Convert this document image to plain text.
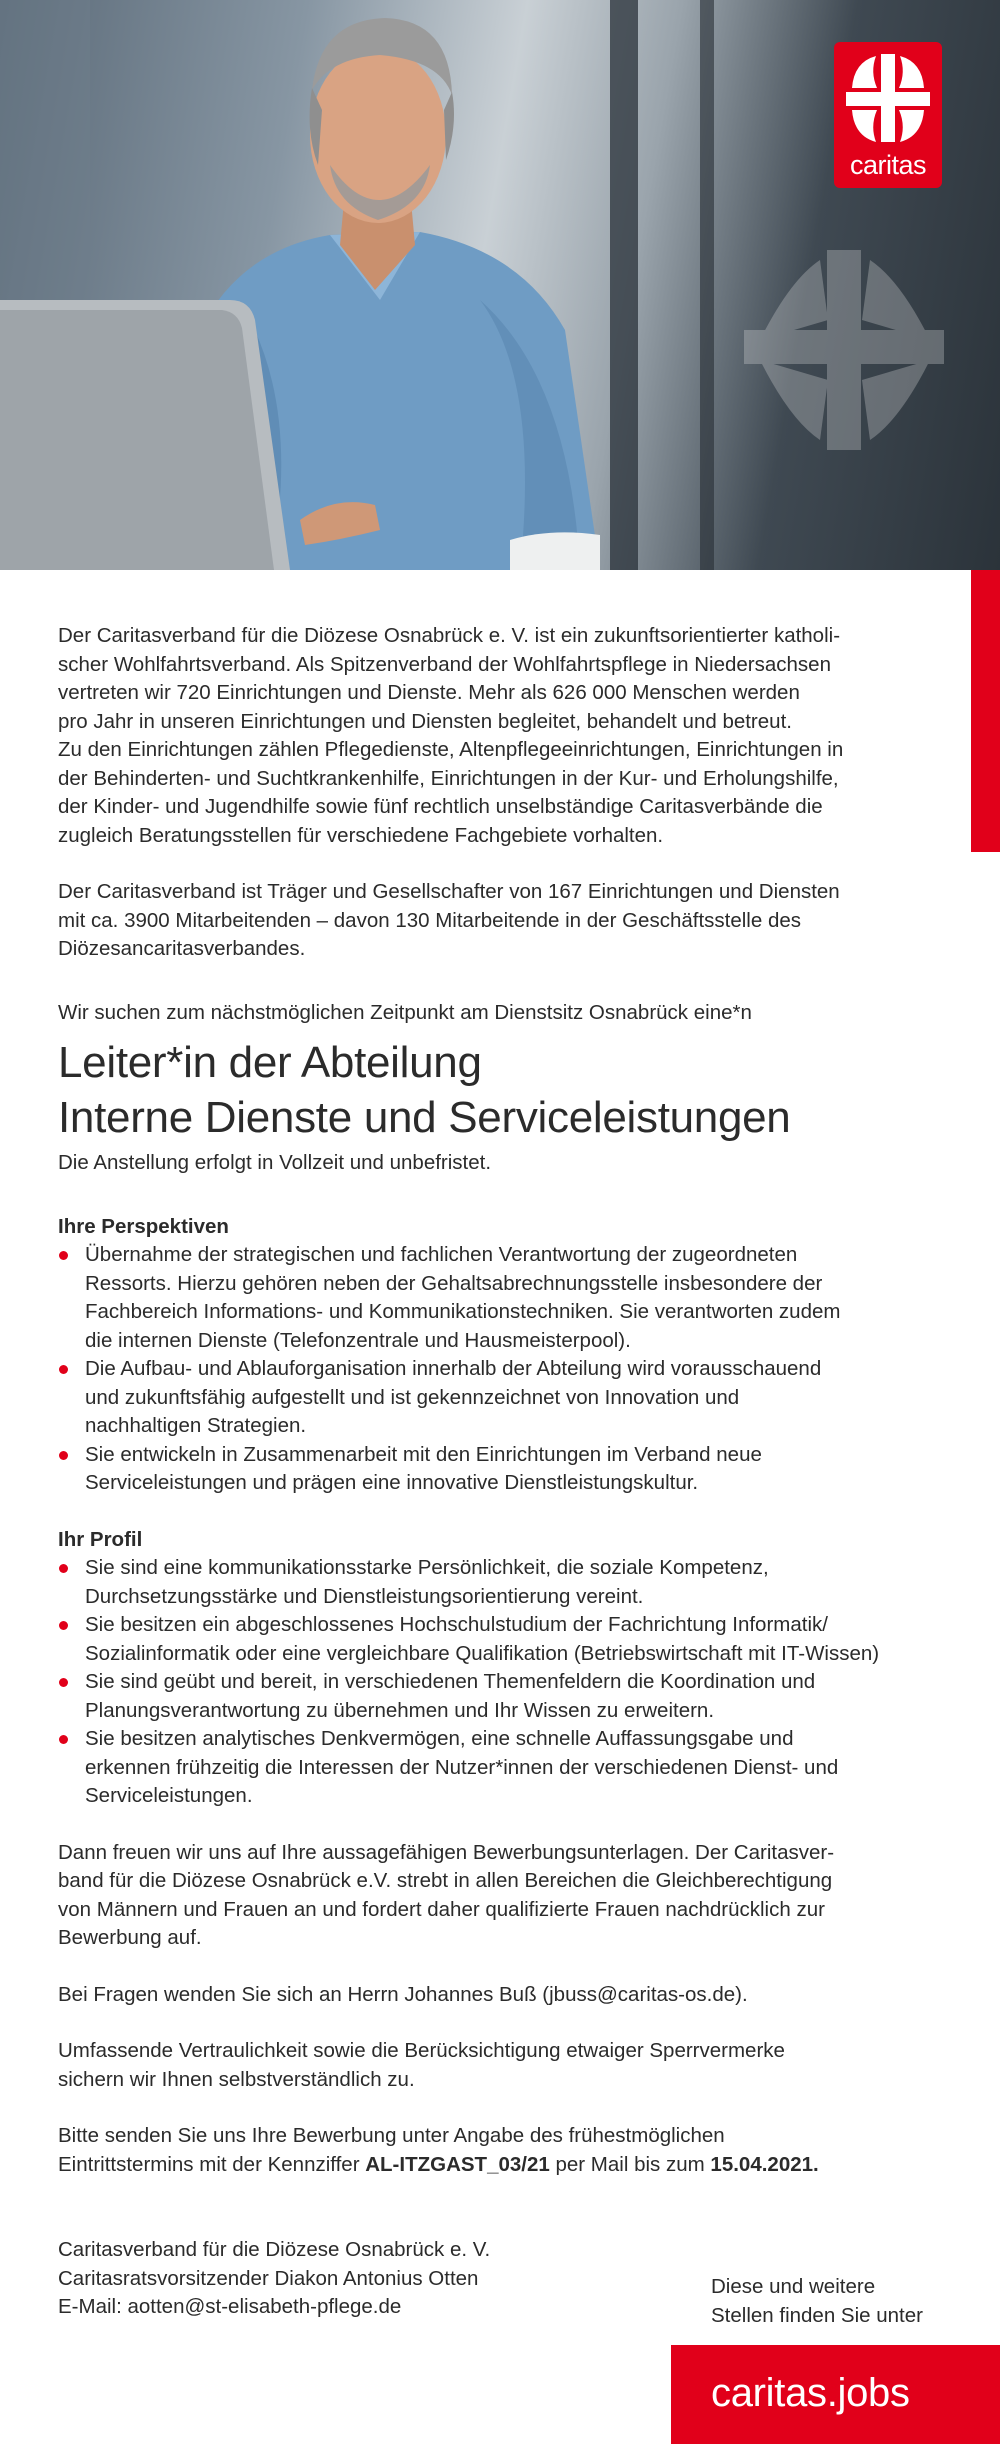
caritas
Der Caritasverband für die Diözese Osnabrück e. V. ist ein zukunftsorientierter katholi-
scher Wohlfahrtsverband. Als Spitzenverband der Wohlfahrtspflege in Niedersachsen
vertreten wir 720 Einrichtungen und Dienste. Mehr als 626 000 Menschen werden
pro Jahr in unseren Einrichtungen und Diensten begleitet, behandelt und betreut.
Zu den Einrichtungen zählen Pflegedienste, Altenpflegeeinrichtungen, Einrichtungen in
der Behinderten- und Suchtkrankenhilfe, Einrichtungen in der Kur- und Erholungshilfe,
der Kinder- und Jugendhilfe sowie fünf rechtlich unselbständige Caritasverbände die
zugleich Beratungsstellen für verschiedene Fachgebiete vorhalten.
Der Caritasverband ist Träger und Gesellschafter von 167 Einrichtungen und Diensten
mit ca. 3900 Mitarbeitenden – davon 130 Mitarbeitende in der Geschäftsstelle des
Diözesancaritasverbandes.
Wir suchen zum nächstmöglichen Zeitpunkt am Dienstsitz Osnabrück eine*n
Leiter*in der Abteilung
Interne Dienste und Serviceleistungen
Die Anstellung erfolgt in Vollzeit und unbefristet.
Ihre Perspektiven
Übernahme der strategischen und fachlichen Verantwortung der zugeordneten
Ressorts. Hierzu gehören neben der Gehaltsabrechnungsstelle insbesondere der
Fachbereich Informations- und Kommunikationstechniken. Sie verantworten zudem
die internen Dienste (Telefonzentrale und Hausmeisterpool).
Die Aufbau- und Ablauforganisation innerhalb der Abteilung wird vorausschauend
und zukunftsfähig aufgestellt und ist gekennzeichnet von Innovation und
nachhaltigen Strategien.
Sie entwickeln in Zusammenarbeit mit den Einrichtungen im Verband neue
Serviceleistungen und prägen eine innovative Dienstleistungskultur.
Ihr Profil
Sie sind eine kommunikationsstarke Persönlichkeit, die soziale Kompetenz,
Durchsetzungsstärke und Dienstleistungsorientierung vereint.
Sie besitzen ein abgeschlossenes Hochschulstudium der Fachrichtung Informatik/
Sozialinformatik oder eine vergleichbare Qualifikation (Betriebswirtschaft mit IT-Wissen)
Sie sind geübt und bereit, in verschiedenen Themenfeldern die Koordination und
Planungsverantwortung zu übernehmen und Ihr Wissen zu erweitern.
Sie besitzen analytisches Denkvermögen, eine schnelle Auffassungsgabe und
erkennen frühzeitig die Interessen der Nutzer*innen der verschiedenen Dienst- und
Serviceleistungen.
Dann freuen wir uns auf Ihre aussagefähigen Bewerbungsunterlagen. Der Caritasver-
band für die Diözese Osnabrück e.V. strebt in allen Bereichen die Gleichberechtigung
von Männern und Frauen an und fordert daher qualifizierte Frauen nachdrücklich zur
Bewerbung auf.
Bei Fragen wenden Sie sich an Herrn Johannes Buß (jbuss@caritas-os.de).
Umfassende Vertraulichkeit sowie die Berücksichtigung etwaiger Sperrvermerke
sichern wir Ihnen selbstverständlich zu.
Bitte senden Sie uns Ihre Bewerbung unter Angabe des frühestmöglichen
Eintrittstermins mit der Kennziffer AL-ITZGAST_03/21 per Mail bis zum 15.04.2021.
Caritasverband für die Diözese Osnabrück e. V.
Caritasratsvorsitzender Diakon Antonius Otten
E-Mail: aotten@st-elisabeth-pflege.de
Diese und weitere
Stellen finden Sie unter
caritas.jobs
